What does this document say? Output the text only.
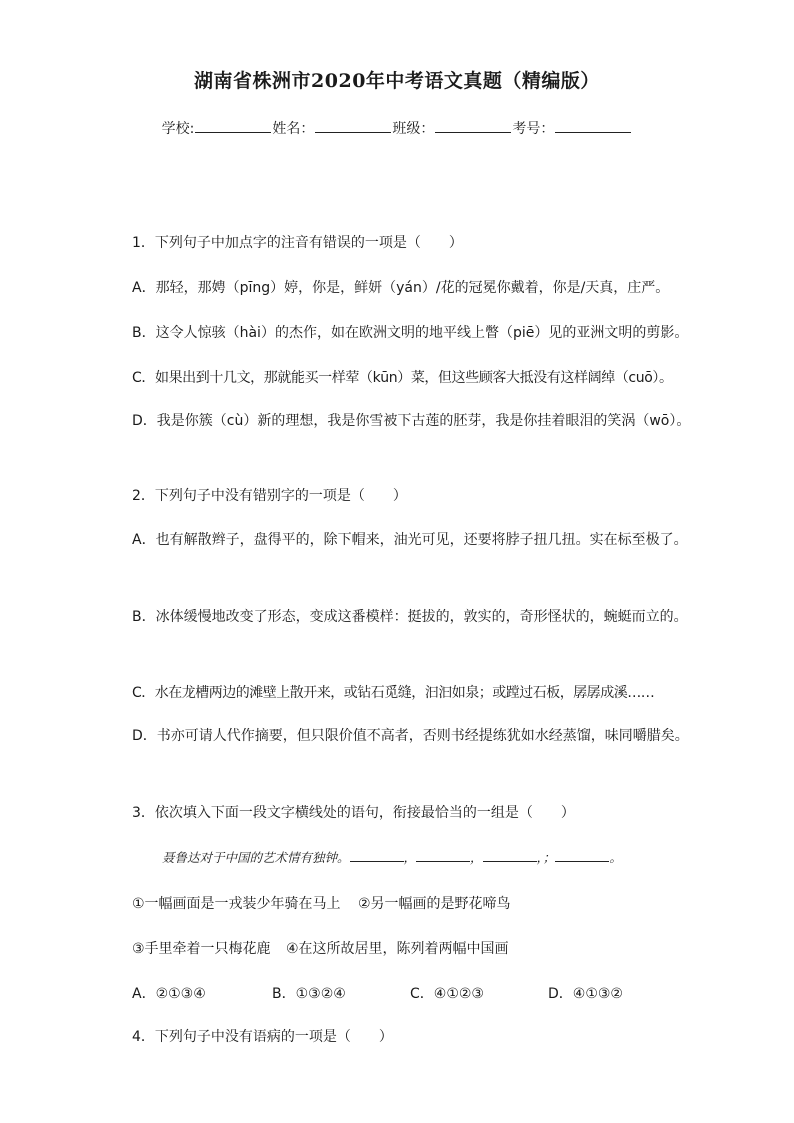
湖南省株洲市2020年中考语文真题（精编版）
学校:	姓名：	班级：	考号：
1．下列句子中加点字的注音有错误的一项是（　　）
A．那轻，那娉（pīng）婷，你是，鲜妍（yán）/花的冠冕你戴着，你是/天真，庄严。
B．这令人惊骇（hài）的杰作，如在欧洲文明的地平线上瞥（piē）见的亚洲文明的剪影。
C．如果出到十几文，那就能买一样荤（kūn）菜，但这些顾客大抵没有这样阔绰（cuō）。
D．我是你簇（cù）新的理想，我是你雪被下古莲的胚芽，我是你挂着眼泪的笑涡（wō）。
2．下列句子中没有错别字的一项是（　　）
A．也有解散辫子，盘得平的，除下帽来，油光可见，还要将脖子扭几扭。实在标至极了。
B．冰体缓慢地改变了形态，变成这番模样：挺拔的，敦实的，奇形怪状的，蜿蜓而立的。
C．水在龙槽两边的滩壁上散开来，或钻石觅缝，汩汩如泉；或蹚过石板，孱孱成溪……
D．书亦可请人代作摘要，但只限价值不高者，否则书经提练犹如水经蒸馏，味同嚼腊矣。
3．依次填入下面一段文字横线处的语句，衔接最恰当的一组是（　　）
聂鲁达对于中国的艺术情有独钟。	，	，	，；	。
①一幅画面是一戎装少年骑在马上 ②另一幅画的是野花啼鸟
③手里牵着一只梅花鹿 ④在这所故居里，陈列着两幅中国画
A．②①③④	B．①③②④	C．④①②③	D．④①③②
4．下列句子中没有语病的一项是（　　）
